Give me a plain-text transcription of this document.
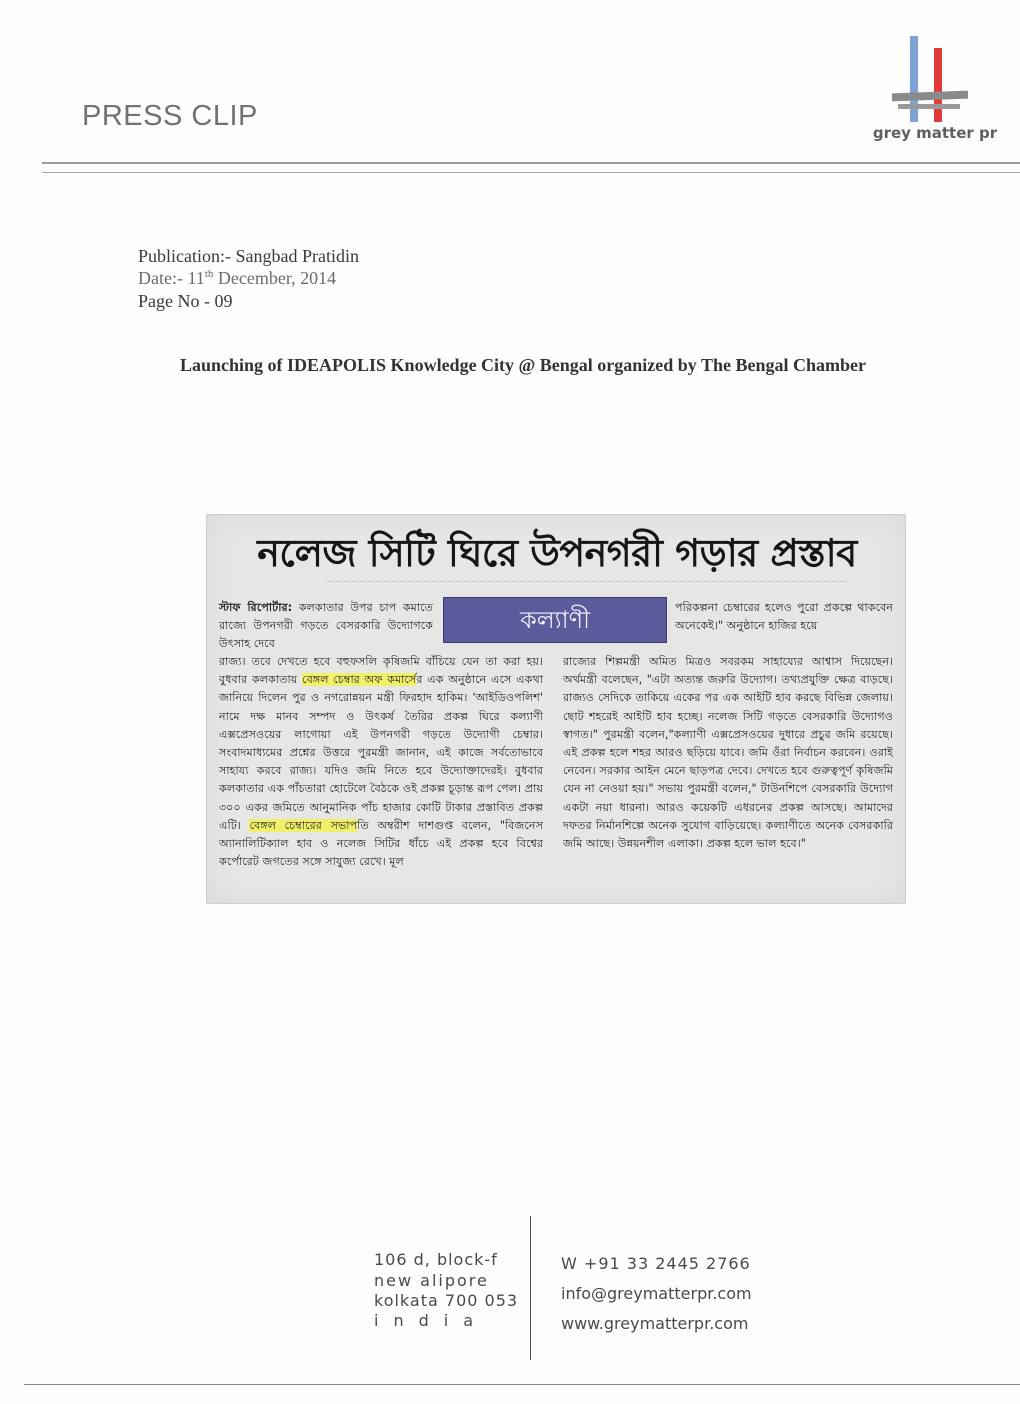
PRESS CLIP
grey matter pr
Publication:- Sangbad Pratidin
Date:- 11th December, 2014
Page No - 09
Launching of IDEAPOLIS Knowledge City @ Bengal organized by The Bengal Chamber
নলেজ সিটি ঘিরে উপনগরী গড়ার প্রস্তাব
কল্যাণী
স্টাফ রিপোর্টার: কলকাতার উপর চাপ কমাতে রাজ্যে উপনগরী গড়তে বেসরকারি উদ্যোগকে উৎসাহ দেবে
রাজ্য। তবে দেখতে হবে বহুফসলি কৃষিজমি বাঁচিয়ে যেন তা করা হয়। বুধবার কলকাতায় বেঙ্গল চেম্বার অফ কমার্সের এক অনুষ্ঠানে এসে একথা জানিয়ে দিলেন পুর ও নগরোন্নয়ন মন্ত্রী ফিরহাদ হাকিম। 'আইডিওপলিশ' নামে দক্ষ মানব সম্পদ ও উৎকর্ষ তৈরির প্রকল্প ঘিরে কল্যাণী এক্সপ্রেসওয়ের লাগোয়া এই উপনগরী গড়তে উদ্যোগী চেম্বার। সংবাদমাধ্যমের প্রশ্নের উত্তরে পুরমন্ত্রী জানান, এই কাজে সর্বতোভাবে সাহায্য করবে রাজ্য। যদিও জমি নিতে হবে উদ্যোক্তাদেরই। বুধবার কলকাতার এক পাঁচতারা হোটেলে বৈঠকে ওই প্রকল্প চূড়ান্ত রূপ পেল। প্রায় ৩০০ একর জমিতে আনুমানিক পাঁচ হাজার কোটি টাকার প্রস্তাবিত প্রকল্প এটি। বেঙ্গল চেম্বারের সভাপতি অম্বরীশ দাশগুপ্ত বলেন, "বিজনেস অ্যানালিটিক্যাল হাব ও নলেজ সিটির ধাঁচে এই প্রকল্প হবে বিশ্বের কর্পোরেট জগতের সঙ্গে সাযুজ্য রেখে। মূল
পরিকল্পনা চেম্বারের হলেও পুরো প্রকল্পে থাকবেন অনেকেই।" অনুষ্ঠানে হাজির হয়ে
রাজ্যের শিল্পমন্ত্রী অমিত মিত্রও সবরকম সাহায্যের আশ্বাস দিয়েছেন। অর্থমন্ত্রী বলেছেন, "এটা অত্যন্ত জরুরি উদ্যোগ। তথ্যপ্রযুক্তি ক্ষেত্র বাড়ছে। রাজ্যও সেদিকে তাকিয়ে একের পর এক আইটি হাব করছে বিভিন্ন জেলায়। ছোট শহরেই আইটি হাব হচ্ছে। নলেজ সিটি গড়তে বেসরকারি উদ্যোগও স্বাগত।" পুরমন্ত্রী বলেন,"কল্যাণী এক্সপ্রেসওয়ের দুধারে প্রচুর জমি রয়েছে। এই প্রকল্প হলে শহর আরও ছড়িয়ে যাবে। জমি ওঁরা নির্বাচন করবেন। ওরাই নেবেন। সরকার আইন মেনে ছাড়পত্র দেবে। দেখতে হবে গুরুত্বপূর্ণ কৃষিজমি যেন না নেওয়া হয়।" সভায় পুরমন্ত্রী বলেন," টাউনশিপে বেসরকারি উদ্যোগ একটা নয়া ধারনা। আরও কয়েকটি এধরনের প্রকল্প আসছে। আমাদের দফতর নির্মানশিল্পে অনেক সুযোগ বাড়িয়েছে। কল্যাণীতে অনেক বেসরকারি জমি আছে। উন্নয়নশীল এলাকা। প্রকল্প হলে ভাল হবে।"
106 d, block-f
new alipore
kolkata 700 053
india
W +91 33 2445 2766
info@greymatterpr.com
www.greymatterpr.com
